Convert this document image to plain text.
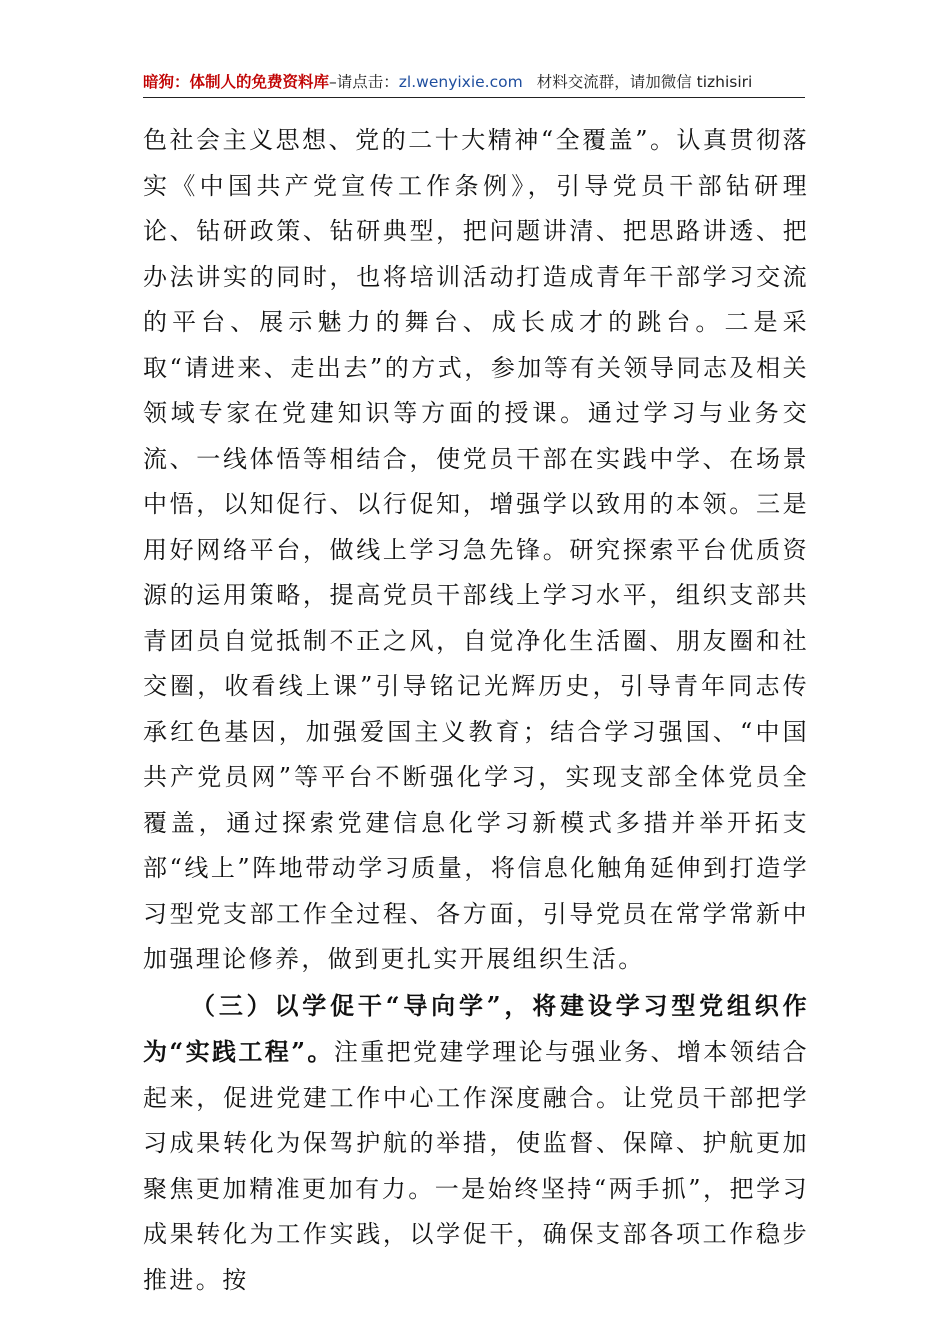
暗狗：体制人的免费资料库–请点击：zl.wenyixie.com 材料交流群，请加微信 tizhisiri

色社会主义思想、党的二十大精神“全覆盖”。认真贯彻落实《中国共产党宣传工作条例》，引导党员干部钻研理论、钻研政策、钻研典型，把问题讲清、把思路讲透、把办法讲实的同时，也将培训活动打造成青年干部学习交流的平台、展示魅力的舞台、成长成才的跳台。二是采取“请进来、走出去”的方式，参加等有关领导同志及相关领域专家在党建知识等方面的授课。通过学习与业务交流、一线体悟等相结合，使党员干部在实践中学、在场景中悟，以知促行、以行促知，增强学以致用的本领。三是用好网络平台，做线上学习急先锋。研究探索平台优质资源的运用策略，提高党员干部线上学习水平，组织支部共青团员自觉抵制不正之风，自觉净化生活圈、朋友圈和社交圈，收看线上课”引导铭记光辉历史，引导青年同志传承红色基因，加强爱国主义教育；结合学习强国、“中国共产党员网”等平台不断强化学习，实现支部全体党员全覆盖，通过探索党建信息化学习新模式多措并举开拓支部“线上”阵地带动学习质量，将信息化触角延伸到打造学习型党支部工作全过程、各方面，引导党员在常学常新中加强理论修养，做到更扎实开展组织生活。

（三）以学促干“导向学”，将建设学习型党组织作为“实践工程”。注重把党建学理论与强业务、增本领结合起来，促进党建工作中心工作深度融合。让党员干部把学习成果转化为保驾护航的举措，使监督、保障、护航更加聚焦更加精准更加有力。一是始终坚持“两手抓”，把学习成果转化为工作实践，以学促干，确保支部各项工作稳步推进。按
